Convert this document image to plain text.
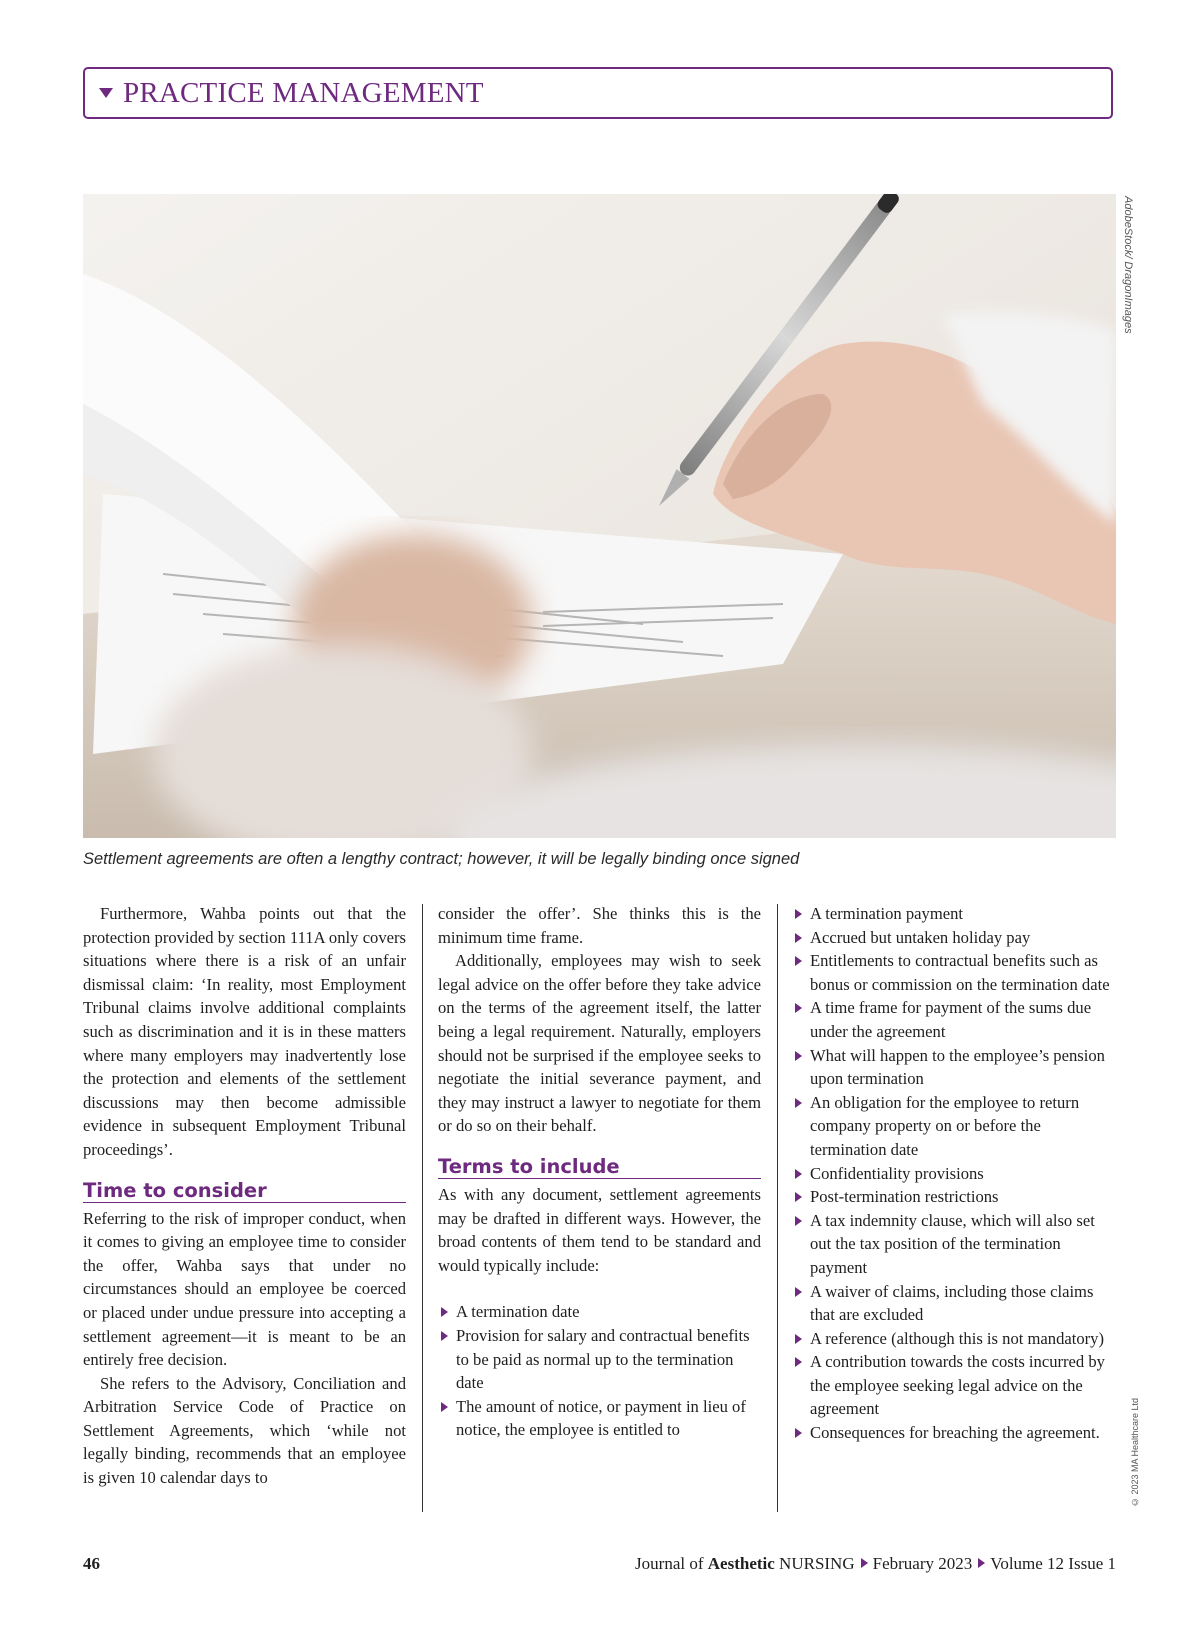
PRACTICE MANAGEMENT
AdobeStock/ DragonImages
Settlement agreements are often a lengthy contract; however, it will be legally binding once signed

Furthermore, Wahba points out that the protection provided by section 111A only covers situations where there is a risk of an unfair dismissal claim: ‘In reality, most Employment Tribunal claims involve additional complaints such as discrimination and it is in these matters where many employers may inadvertently lose the protection and elements of the settlement discussions may then become admissible evidence in subsequent Employment Tribunal proceedings’.

Time to consider

Referring to the risk of improper conduct, when it comes to giving an employee time to consider the offer, Wahba says that under no circumstances should an employee be coerced or placed under undue pressure into accepting a settlement agreement—it is meant to be an entirely free decision.

She refers to the Advisory, Conciliation and Arbitration Service Code of Practice on Settlement Agreements, which ‘while not legally binding, recommends that an employee is given 10 calendar days to

consider the offer’. She thinks this is the minimum time frame.

Additionally, employees may wish to seek legal advice on the offer before they take advice on the terms of the agreement itself, the latter being a legal requirement. Naturally, employers should not be surprised if the employee seeks to negotiate the initial severance payment, and they may instruct a lawyer to negotiate for them or do so on their behalf.

Terms to include

As with any document, settlement agreements may be drafted in different ways. However, the broad contents of them tend to be standard and would typically include:

A termination date
Provision for salary and contractual benefits to be paid as normal up to the termination date
The amount of notice, or payment in lieu of notice, the employee is entitled to
A termination payment
Accrued but untaken holiday pay
Entitlements to contractual benefits such as bonus or commission on the termination date
A time frame for payment of the sums due under the agreement
What will happen to the employee’s pension upon termination
An obligation for the employee to return company property on or before the termination date
Confidentiality provisions
Post-termination restrictions
A tax indemnity clause, which will also set out the tax position of the termination payment
A waiver of claims, including those claims that are excluded
A reference (although this is not mandatory)
A contribution towards the costs incurred by the employee seeking legal advice on the agreement
Consequences for breaching the agreement.	© 2023 MA Healthcare Ltd
46	Journal of Aesthetic NURSING February 2023 Volume 12 Issue 1
